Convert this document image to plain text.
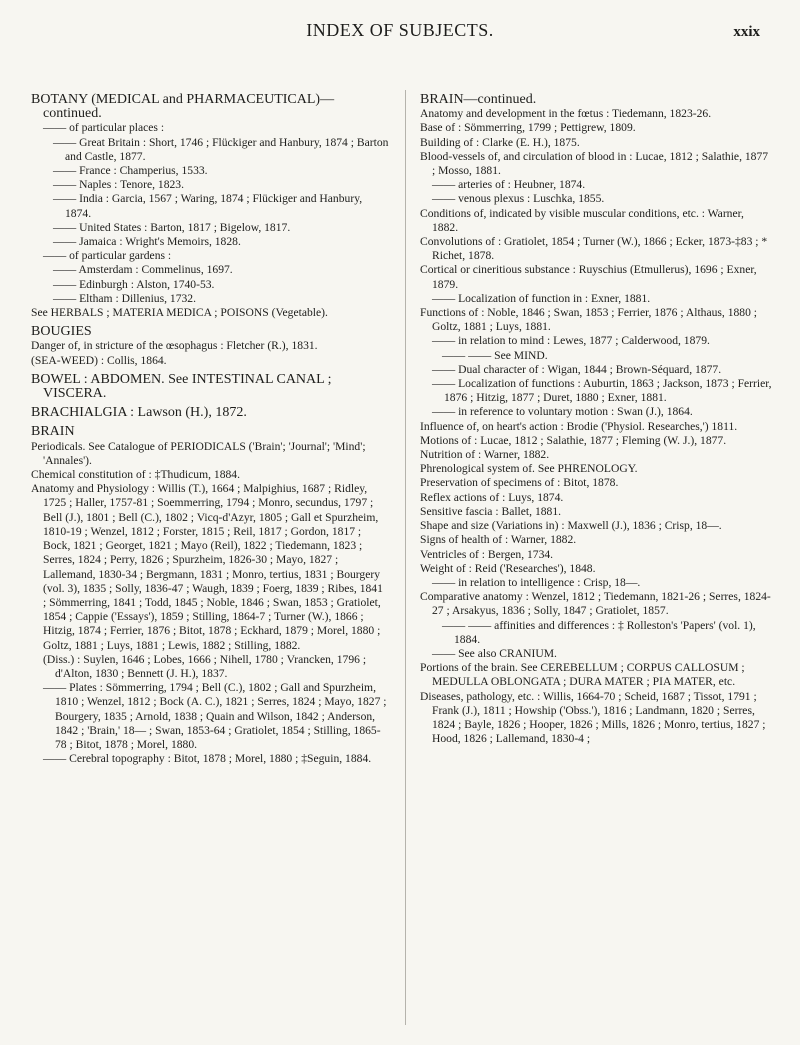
INDEX OF SUBJECTS.	xxix
BOTANY (MEDICAL and PHARMACEUTICAL)—continued.
—— of particular places :
—— Great Britain : Short, 1746 ; Flückiger and Hanbury, 1874 ; Barton and Castle, 1877.
—— France : Champerius, 1533.
—— Naples : Tenore, 1823.
—— India : Garcia, 1567 ; Waring, 1874 ; Flückiger and Hanbury, 1874.
—— United States : Barton, 1817 ; Bigelow, 1817.
—— Jamaica : Wright's Memoirs, 1828.
—— of particular gardens :
—— Amsterdam : Commelinus, 1697.
—— Edinburgh : Alston, 1740-53.
—— Eltham : Dillenius, 1732.
See HERBALS ; MATERIA MEDICA ; POISONS (Vegetable).
BOUGIES
Danger of, in stricture of the œsophagus : Fletcher (R.), 1831.
(SEA-WEED) : Collis, 1864.
BOWEL : ABDOMEN. See INTESTINAL CANAL ; VISCERA.
BRACHIALGIA : Lawson (H.), 1872.
BRAIN
Periodicals. See Catalogue of PERIODICALS ('Brain'; 'Journal'; 'Mind'; 'Annales').
Chemical constitution of : ‡Thudicum, 1884.
Anatomy and Physiology : Willis (T.), 1664 ; Malpighius, 1687 ; Ridley, 1725 ; Haller, 1757-81 ; Soemmerring, 1794 ; Monro, secundus, 1797 ; Bell (J.), 1801 ; Bell (C.), 1802 ; Vicq-d'Azyr, 1805 ; Gall et Spurzheim, 1810-19 ; Wenzel, 1812 ; Forster, 1815 ; Reil, 1817 ; Gordon, 1817 ; Bock, 1821 ; Georget, 1821 ; Mayo (Reil), 1822 ; Tiedemann, 1823 ; Serres, 1824 ; Perry, 1826 ; Spurzheim, 1826-30 ; Mayo, 1827 ; Lallemand, 1830-34 ; Bergmann, 1831 ; Monro, tertius, 1831 ; Bourgery (vol. 3), 1835 ; Solly, 1836-47 ; Waugh, 1839 ; Foerg, 1839 ; Ribes, 1841 ; Sömmerring, 1841 ; Todd, 1845 ; Noble, 1846 ; Swan, 1853 ; Gratiolet, 1854 ; Cappie ('Essays'), 1859 ; Stilling, 1864-7 ; Turner (W.), 1866 ; Hitzig, 1874 ; Ferrier, 1876 ; Bitot, 1878 ; Eckhard, 1879 ; Morel, 1880 ; Goltz, 1881 ; Luys, 1881 ; Lewis, 1882 ; Stilling, 1882.
(Diss.) : Suylen, 1646 ; Lobes, 1666 ; Nihell, 1780 ; Vrancken, 1796 ; d'Alton, 1830 ; Bennett (J. H.), 1837.
—— Plates : Sömmerring, 1794 ; Bell (C.), 1802 ; Gall and Spurzheim, 1810 ; Wenzel, 1812 ; Bock (A. C.), 1821 ; Serres, 1824 ; Mayo, 1827 ; Bourgery, 1835 ; Arnold, 1838 ; Quain and Wilson, 1842 ; Anderson, 1842 ; 'Brain,' 18— ; Swan, 1853-64 ; Gratiolet, 1854 ; Stilling, 1865-78 ; Bitot, 1878 ; Morel, 1880.
—— Cerebral topography : Bitot, 1878 ; Morel, 1880 ; ‡Seguin, 1884.
BRAIN—continued.
Anatomy and development in the fœtus : Tiedemann, 1823-26.
Base of : Sömmerring, 1799 ; Pettigrew, 1809.
Building of : Clarke (E. H.), 1875.
Blood-vessels of, and circulation of blood in : Lucae, 1812 ; Salathie, 1877 ; Mosso, 1881.
—— arteries of : Heubner, 1874.
—— venous plexus : Luschka, 1855.
Conditions of, indicated by visible muscular conditions, etc. : Warner, 1882.
Convolutions of : Gratiolet, 1854 ; Turner (W.), 1866 ; Ecker, 1873-‡83 ; * Richet, 1878.
Cortical or cineritious substance : Ruyschius (Etmullerus), 1696 ; Exner, 1879.
—— Localization of function in : Exner, 1881.
Functions of : Noble, 1846 ; Swan, 1853 ; Ferrier, 1876 ; Althaus, 1880 ; Goltz, 1881 ; Luys, 1881.
—— in relation to mind : Lewes, 1877 ; Calderwood, 1879.
—— —— See MIND.
—— Dual character of : Wigan, 1844 ; Brown-Séquard, 1877.
—— Localization of functions : Auburtin, 1863 ; Jackson, 1873 ; Ferrier, 1876 ; Hitzig, 1877 ; Duret, 1880 ; Exner, 1881.
—— in reference to voluntary motion : Swan (J.), 1864.
Influence of, on heart's action : Brodie ('Physiol. Researches,') 1811.
Motions of : Lucae, 1812 ; Salathie, 1877 ; Fleming (W. J.), 1877.
Nutrition of : Warner, 1882.
Phrenological system of. See PHRENOLOGY.
Preservation of specimens of : Bitot, 1878.
Reflex actions of : Luys, 1874.
Sensitive fascia : Ballet, 1881.
Shape and size (Variations in) : Maxwell (J.), 1836 ; Crisp, 18—.
Signs of health of : Warner, 1882.
Ventricles of : Bergen, 1734.
Weight of : Reid ('Researches'), 1848.
—— in relation to intelligence : Crisp, 18—.
Comparative anatomy : Wenzel, 1812 ; Tiedemann, 1821-26 ; Serres, 1824-27 ; Arsakyus, 1836 ; Solly, 1847 ; Gratiolet, 1857.
—— —— affinities and differences : ‡ Rolleston's 'Papers' (vol. 1), 1884.
—— See also CRANIUM.
Portions of the brain. See CEREBELLUM ; CORPUS CALLOSUM ; MEDULLA OBLONGATA ; DURA MATER ; PIA MATER, etc.
Diseases, pathology, etc. : Willis, 1664-70 ; Scheid, 1687 ; Tissot, 1791 ; Frank (J.), 1811 ; Howship ('Obss.'), 1816 ; Landmann, 1820 ; Serres, 1824 ; Bayle, 1826 ; Hooper, 1826 ; Mills, 1826 ; Monro, tertius, 1827 ; Hood, 1826 ; Lallemand, 1830-4 ;
